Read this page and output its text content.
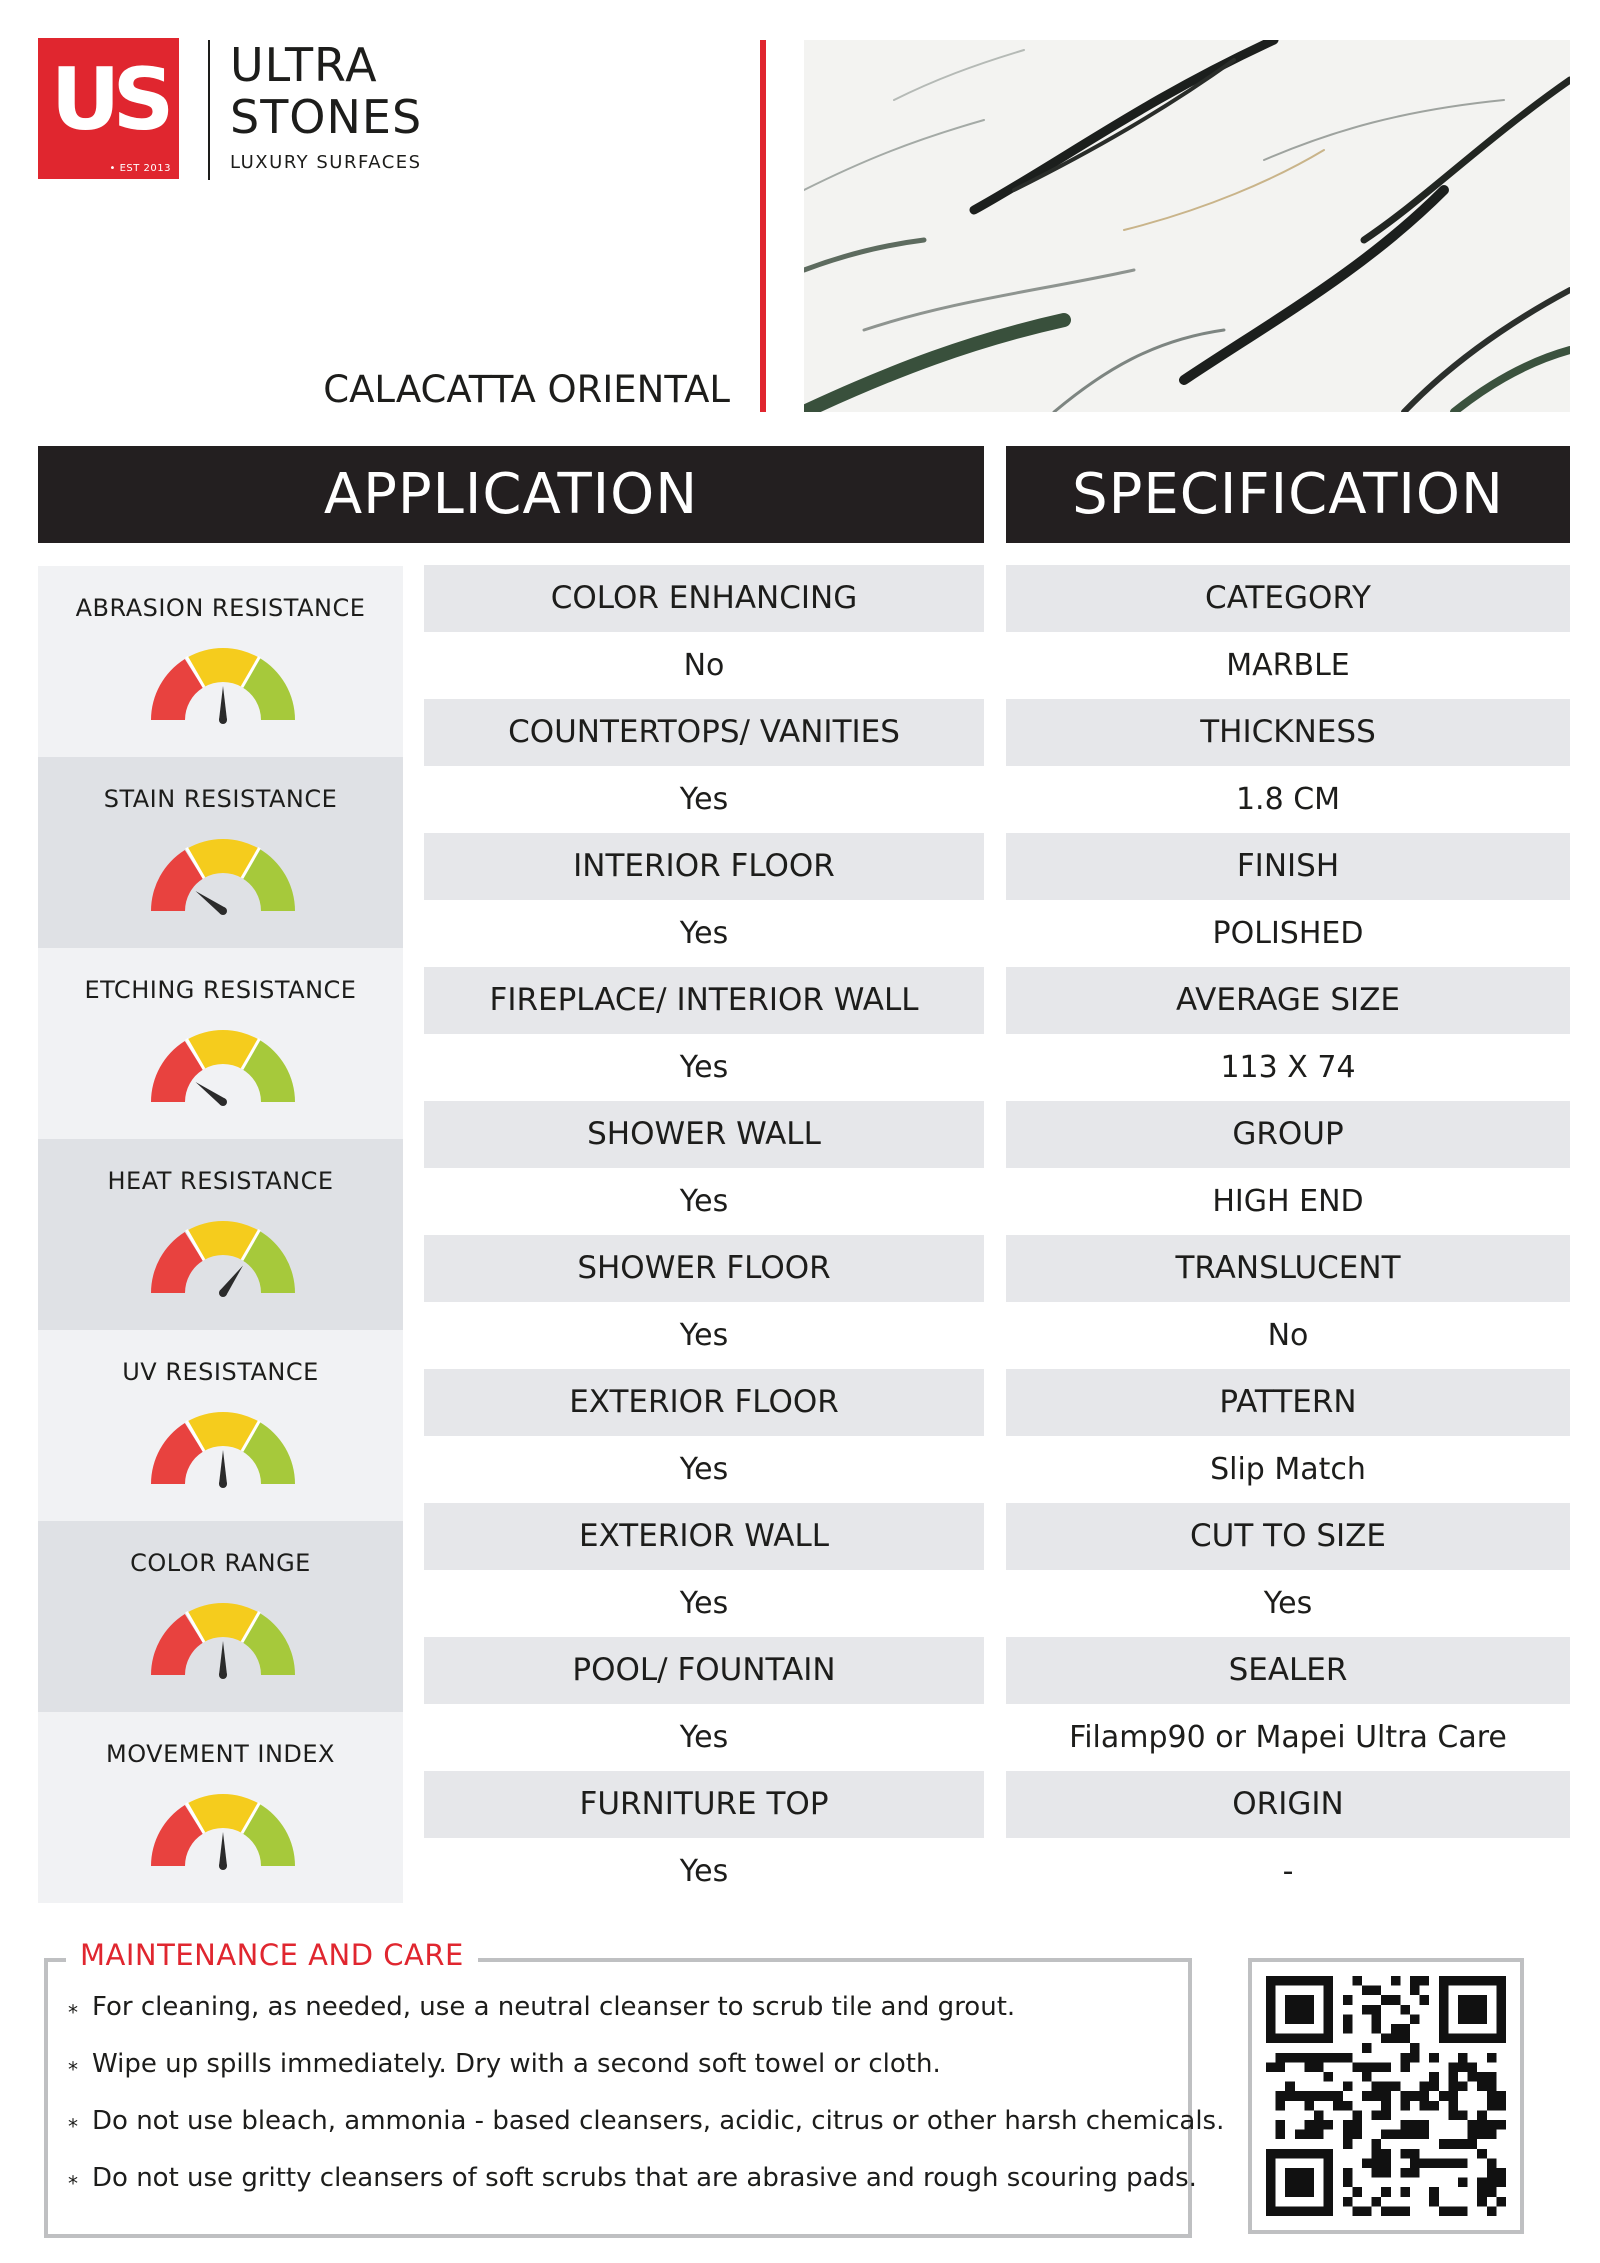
US
• EST 2013
ULTRA
STONES
LUXURY SURFACES
CALACATTA ORIENTAL
APPLICATION	SPECIFICATION
ABRASION RESISTANCE
STAIN RESISTANCE
ETCHING RESISTANCE
HEAT RESISTANCE
UV RESISTANCE
COLOR RANGE
MOVEMENT INDEX
COLOR ENHANCING
No
COUNTERTOPS/ VANITIES
Yes
INTERIOR FLOOR
Yes
FIREPLACE/ INTERIOR WALL
Yes
SHOWER WALL
Yes
SHOWER FLOOR
Yes
EXTERIOR FLOOR
Yes
EXTERIOR WALL
Yes
POOL/ FOUNTAIN
Yes
FURNITURE TOP
Yes
CATEGORY
MARBLE
THICKNESS
1.8 CM
FINISH
POLISHED
AVERAGE SIZE
113 X 74
GROUP
HIGH END
TRANSLUCENT
No
PATTERN
Slip Match
CUT TO SIZE
Yes
SEALER
Filamp90 or Mapei Ultra Care
ORIGIN
-
MAINTENANCE AND CARE
⁎ For cleaning, as needed, use a neutral cleanser to scrub tile and grout.
⁎ Wipe up spills immediately. Dry with a second soft towel or cloth.
⁎ Do not use bleach, ammonia - based cleansers, acidic, citrus or other harsh chemicals.
⁎ Do not use gritty cleansers of soft scrubs that are abrasive and rough scouring pads.
